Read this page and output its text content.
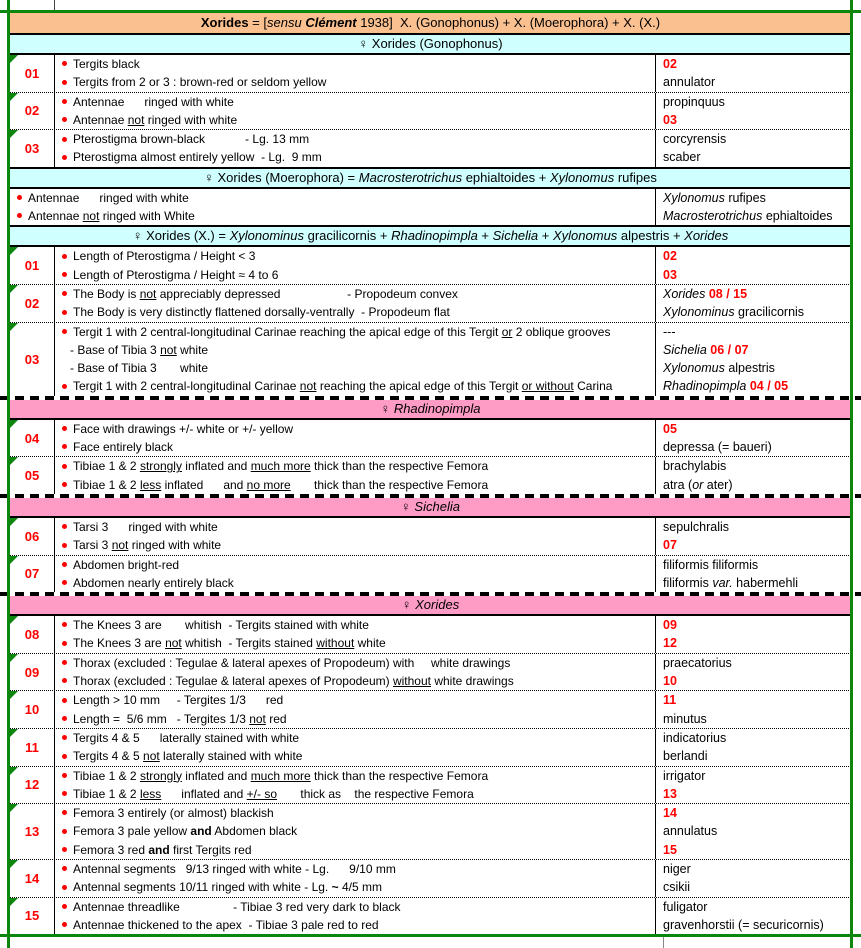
Xorides = [sensu Clément 1938]  X. (Gonophonus) + X. (Moerophora) + X. (X.)
♀ Xorides (Gonophonus)
01
Tergits black
Tergits from 2 or 3 : brown-red or seldom yellow
02
annulator
02
Antennae      ringed with white
Antennae not ringed with white
propinquus
03
03
Pterostigma brown-black            - Lg. 13 mm
Pterostigma almost entirely yellow  - Lg.  9 mm
corcyrensis
scaber
♀ Xorides (Moerophora) = Macrosterotrichus ephialtoides + Xylonomus rufipes
Antennae      ringed with white
Antennae not ringed with White
Xylonomus rufipes
Macrosterotrichus ephialtoides
♀ Xorides (X.) = Xylonominus gracilicornis + Rhadinopimpla + Sichelia + Xylonomus alpestris + Xorides
01
Length of Pterostigma / Height < 3
Length of Pterostigma / Height ≈ 4 to 6
02
03
02
The Body is not appreciably depressed                    - Propodeum convex
The Body is very distinctly flattened dorsally-ventrally  - Propodeum flat
Xorides 08 / 15
Xylonominus gracilicornis
03
Tergit 1 with 2 central-longitudinal Carinae reaching the apical edge of this Tergit or 2 oblique grooves
- Base of Tibia 3 not white
- Base of Tibia 3       white
Tergit 1 with 2 central-longitudinal Carinae not reaching the apical edge of this Tergit or without Carina
---
Sichelia 06 / 07
Xylonomus alpestris
Rhadinopimpla 04 / 05
♀ Rhadinopimpla
04
Face with drawings +/- white or +/- yellow
Face entirely black
05
depressa (= baueri)
05
Tibiae 1 & 2 strongly inflated and much more thick than the respective Femora
Tibiae 1 & 2 less inflated      and no more       thick than the respective Femora
brachylabis
atra (or ater)
♀ Sichelia
06
Tarsi 3      ringed with white
Tarsi 3 not ringed with white
sepulchralis
07
07
Abdomen bright-red
Abdomen nearly entirely black
filiformis filiformis
filiformis var. habermehli
♀ Xorides
08
The Knees 3 are       whitish  - Tergits stained with white
The Knees 3 are not whitish  - Tergits stained without white
09
12
09
Thorax (excluded : Tegulae & lateral apexes of Propodeum) with     white drawings
Thorax (excluded : Tegulae & lateral apexes of Propodeum) without white drawings
praecatorius
10
10
Length > 10 mm     - Tergites 1/3      red
Length =  5/6 mm   - Tergites 1/3 not red
11
minutus
11
Tergits 4 & 5      laterally stained with white
Tergits 4 & 5 not laterally stained with white
indicatorius
berlandi
12
Tibiae 1 & 2 strongly inflated and much more thick than the respective Femora
Tibiae 1 & 2 less      inflated and +/- so       thick as    the respective Femora
irrigator
13
13
Femora 3 entirely (or almost) blackish
Femora 3 pale yellow and Abdomen black
Femora 3 red and first Tergits red
14
annulatus
15
14
Antennal segments   9/13 ringed with white - Lg.      9/10 mm
Antennal segments 10/11 ringed with white - Lg. ~ 4/5 mm
niger
csikii
15
Antennae threadlike                - Tibiae 3 red very dark to black
Antennae thickened to the apex  - Tibiae 3 pale red to red
fuligator
gravenhorstii (= securicornis)
